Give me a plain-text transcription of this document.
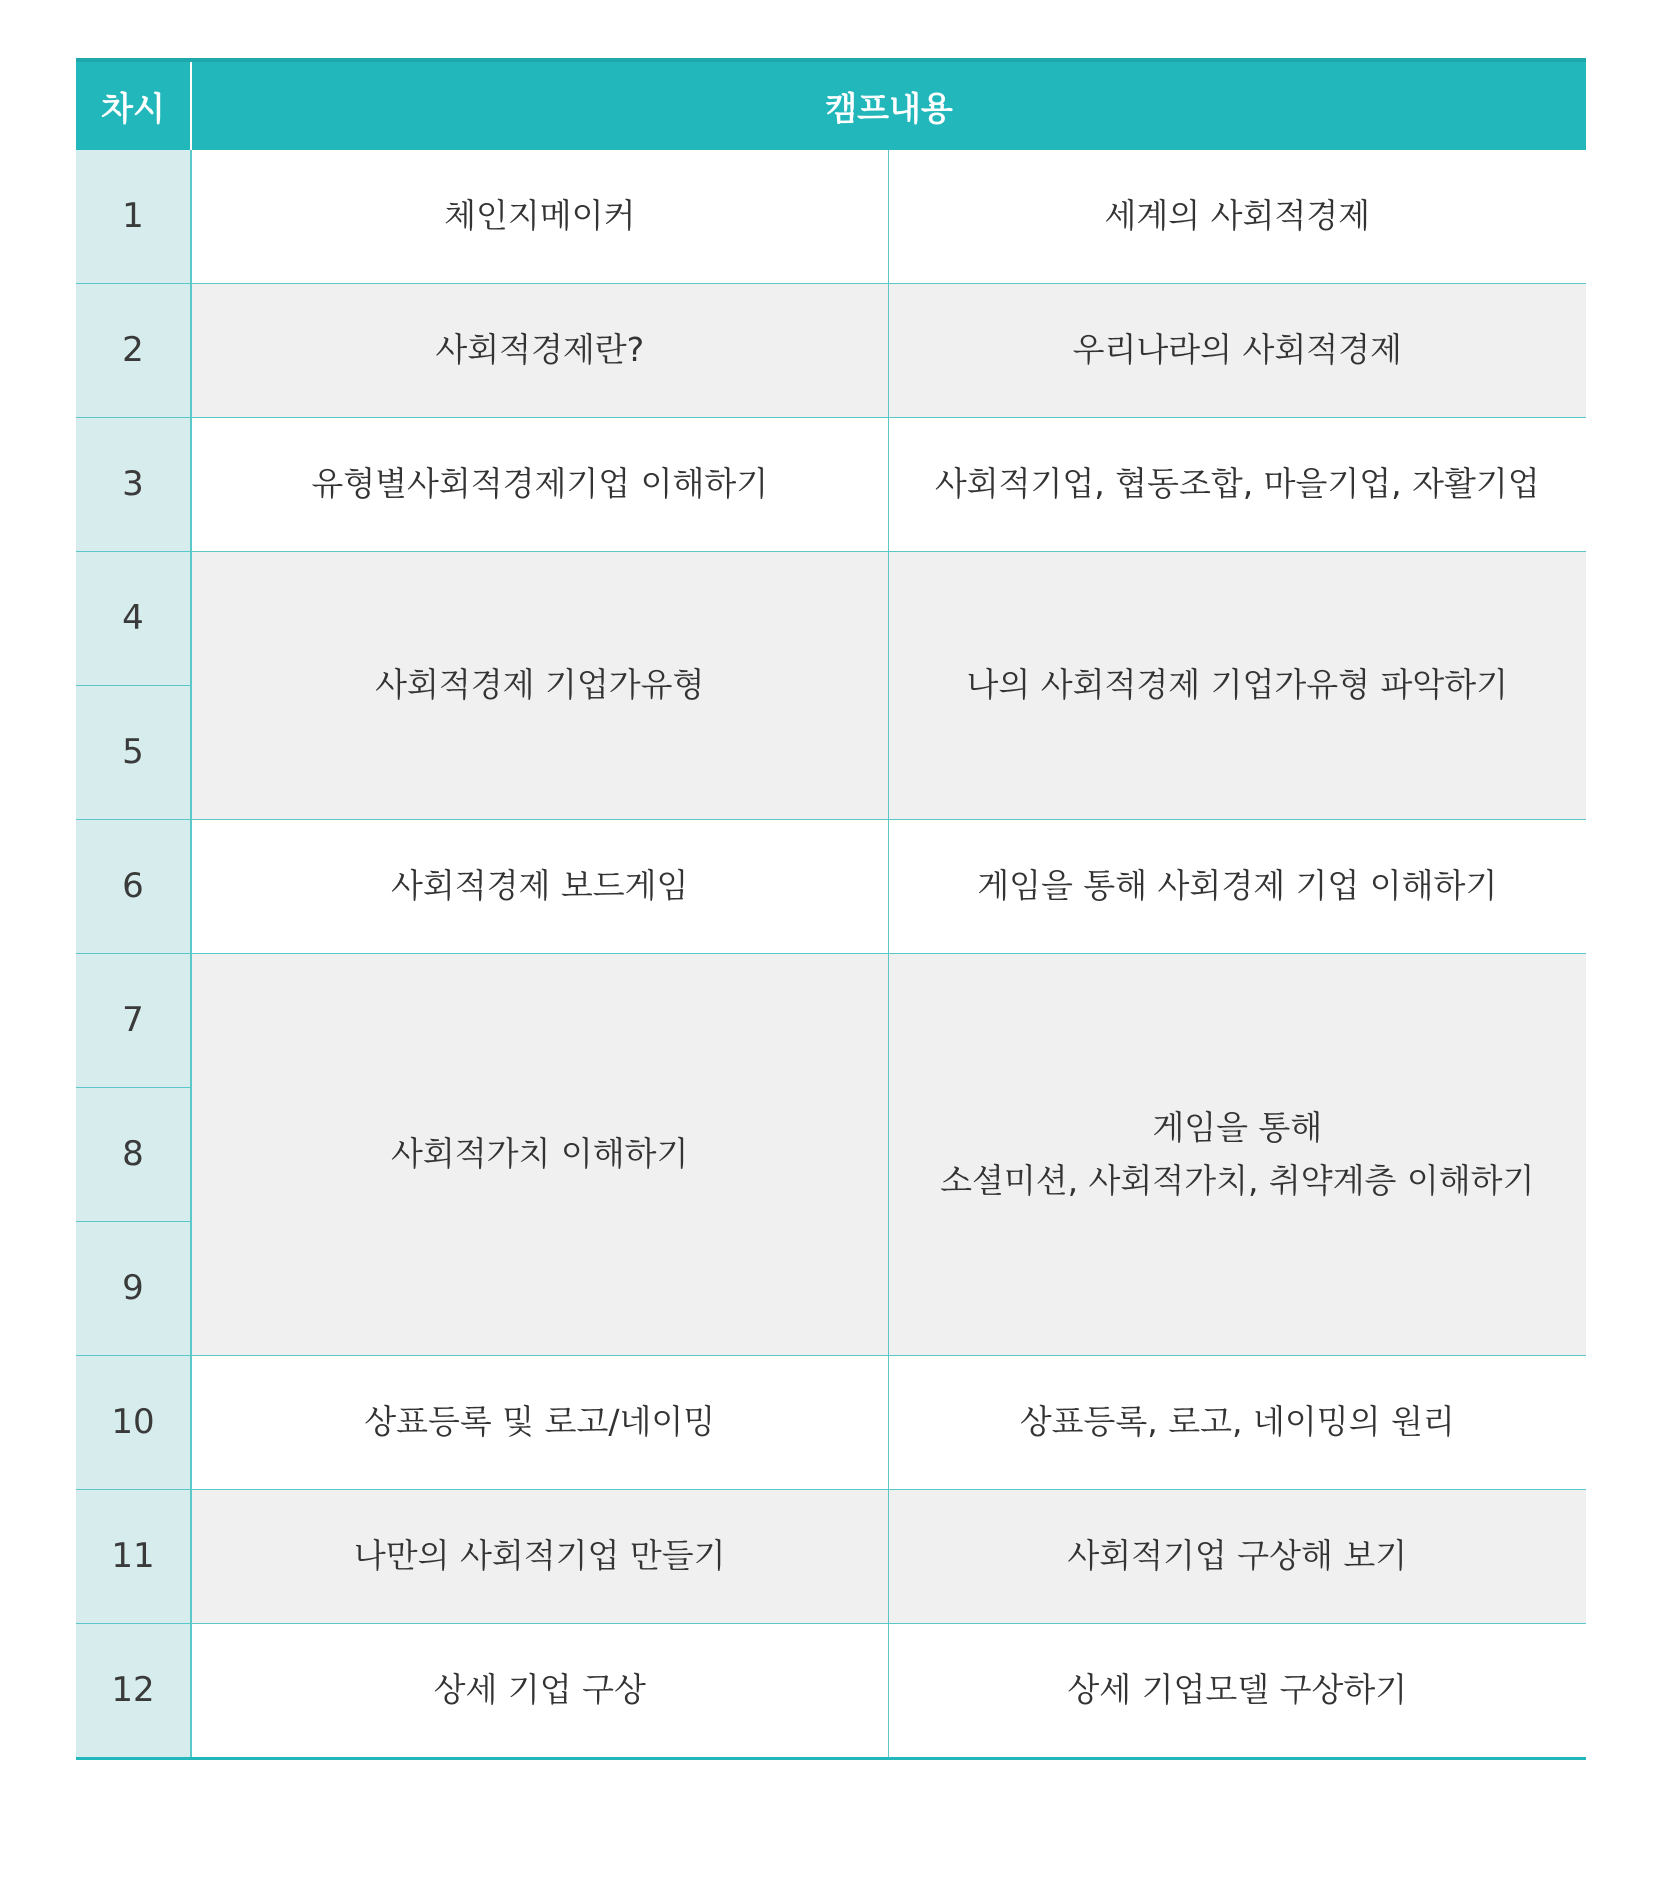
차시	캠프내용	
1	체인지메이커	세계의 사회적경제
2	사회적경제란?	우리나라의 사회적경제
3	유형별사회적경제기업 이해하기	사회적기업, 협동조합, 마을기업, 자활기업
4	사회적경제 기업가유형	나의 사회적경제 기업가유형 파악하기
5		
6	사회적경제 보드게임	게임을 통해 사회경제 기업 이해하기
7	사회적가치 이해하기	게임을 통해
소셜미션, 사회적가치, 취약계층 이해하기

8		
9		
10	상표등록 및 로고/네이밍	상표등록, 로고, 네이밍의 원리
11	나만의 사회적기업 만들기	사회적기업 구상해 보기
12	상세 기업 구상	상세 기업모델 구상하기
